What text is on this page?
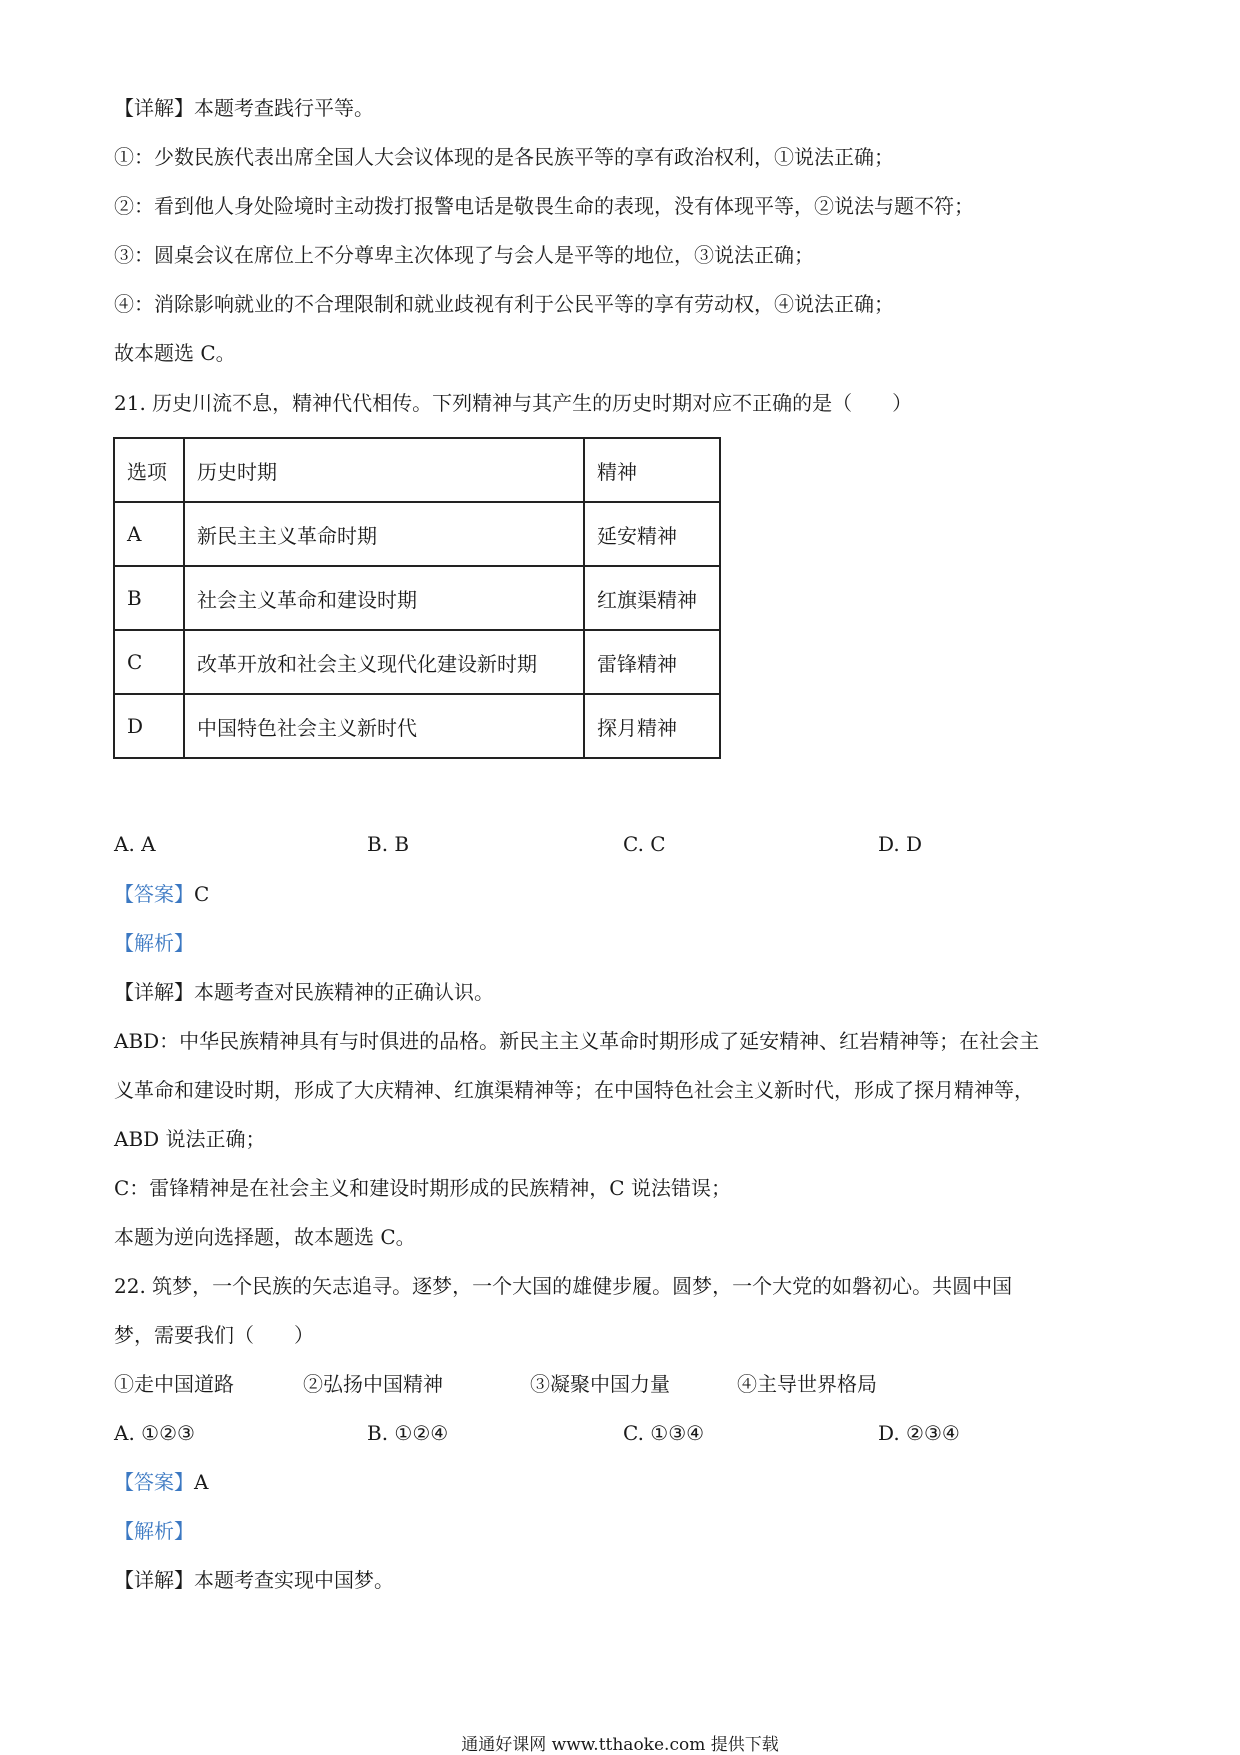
【详解】本题考查践行平等。
①：少数民族代表出席全国人大会议体现的是各民族平等的享有政治权利，①说法正确；
②：看到他人身处险境时主动拨打报警电话是敬畏生命的表现，没有体现平等，②说法与题不符；
③：圆桌会议在席位上不分尊卑主次体现了与会人是平等的地位，③说法正确；
④：消除影响就业的不合理限制和就业歧视有利于公民平等的享有劳动权，④说法正确；
故本题选 C。
21. 历史川流不息，精神代代相传。下列精神与其产生的历史时期对应不正确的是（　　）
选项	历史时期	精神
A	新民主主义革命时期	延安精神
B	社会主义革命和建设时期	红旗渠精神
C	改革开放和社会主义现代化建设新时期	雷锋精神
D	中国特色社会主义新时代	探月精神
A. A	B. B	C. C	D. D
【答案】C
【解析】
【详解】本题考查对民族精神的正确认识。
ABD：中华民族精神具有与时俱进的品格。新民主主义革命时期形成了延安精神、红岩精神等；在社会主
义革命和建设时期，形成了大庆精神、红旗渠精神等；在中国特色社会主义新时代，形成了探月精神等，
ABD 说法正确；
C：雷锋精神是在社会主义和建设时期形成的民族精神，C 说法错误；
本题为逆向选择题，故本题选 C。
22. 筑梦，一个民族的矢志追寻。逐梦，一个大国的雄健步履。圆梦，一个大党的如磐初心。共圆中国
梦，需要我们（　　）
①走中国道路	②弘扬中国精神	③凝聚中国力量	④主导世界格局
A. ①②③	B. ①②④	C. ①③④	D. ②③④
【答案】A
【解析】
【详解】本题考查实现中国梦。
通通好课网 www.tthaoke.com 提供下载
